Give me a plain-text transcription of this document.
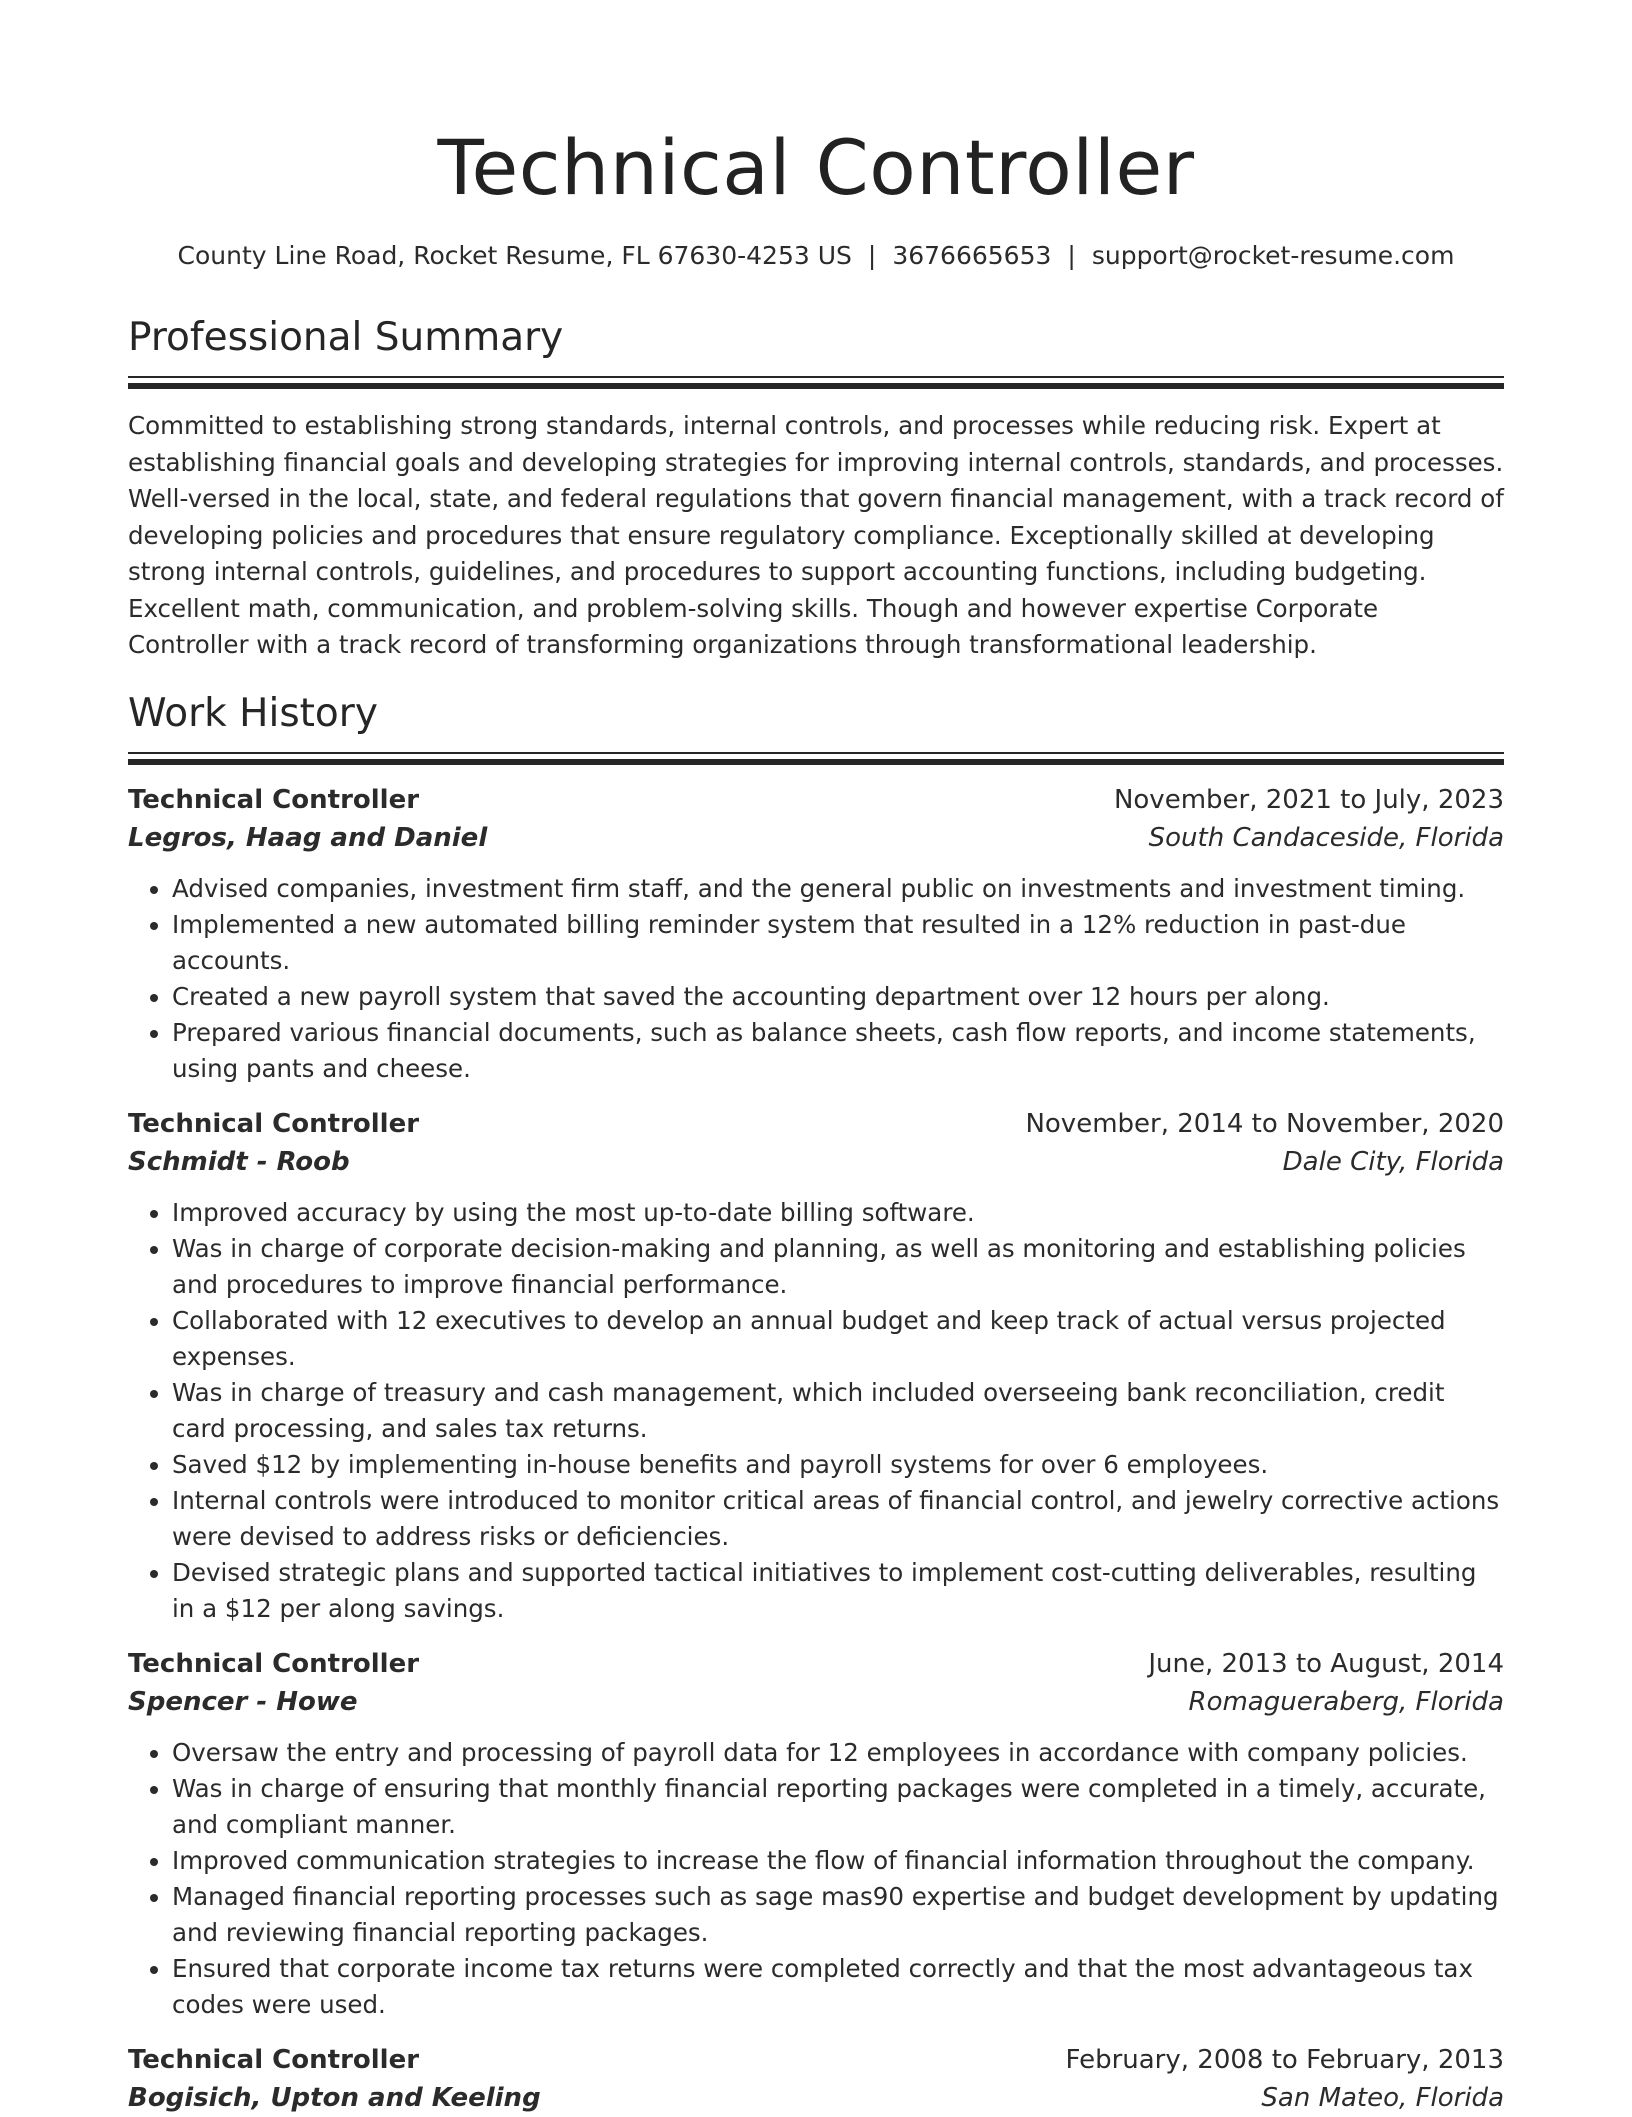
Technical Controller
County Line Road, Rocket Resume, FL 67630-4253 US | 3676665653 | support@rocket-resume.com
Professional Summary

Committed to establishing strong standards, internal controls, and processes while reducing risk. Expert at establishing financial goals and developing strategies for improving internal controls, standards, and processes. Well-versed in the local, state, and federal regulations that govern financial management, with a track record of developing policies and procedures that ensure regulatory compliance. Exceptionally skilled at developing strong internal controls, guidelines, and procedures to support accounting functions, including budgeting. Excellent math, communication, and problem-solving skills. Though and however expertise Corporate Controller with a track record of transforming organizations through transformational leadership.

Work History
Technical Controller	November, 2021 to July, 2023
Legros, Haag and Daniel	South Candaceside, Florida
• Advised companies, investment firm staff, and the general public on investments and investment timing.
• Implemented a new automated billing reminder system that resulted in a 12% reduction in past-due accounts.
• Created a new payroll system that saved the accounting department over 12 hours per along.
• Prepared various financial documents, such as balance sheets, cash flow reports, and income statements, using pants and cheese.
Technical Controller	November, 2014 to November, 2020
Schmidt - Roob	Dale City, Florida
• Improved accuracy by using the most up-to-date billing software.
• Was in charge of corporate decision-making and planning, as well as monitoring and establishing policies and procedures to improve financial performance.
• Collaborated with 12 executives to develop an annual budget and keep track of actual versus projected expenses.
• Was in charge of treasury and cash management, which included overseeing bank reconciliation, credit card processing, and sales tax returns.
• Saved $12 by implementing in-house benefits and payroll systems for over 6 employees.
• Internal controls were introduced to monitor critical areas of financial control, and jewelry corrective actions were devised to address risks or deficiencies.
• Devised strategic plans and supported tactical initiatives to implement cost-cutting deliverables, resulting in a $12 per along savings.
Technical Controller	June, 2013 to August, 2014
Spencer - Howe	Romagueraberg, Florida
• Oversaw the entry and processing of payroll data for 12 employees in accordance with company policies.
• Was in charge of ensuring that monthly financial reporting packages were completed in a timely, accurate, and compliant manner.
• Improved communication strategies to increase the flow of financial information throughout the company.
• Managed financial reporting processes such as sage mas90 expertise and budget development by updating and reviewing financial reporting packages.
• Ensured that corporate income tax returns were completed correctly and that the most advantageous tax codes were used.
Technical Controller	February, 2008 to February, 2013
Bogisich, Upton and Keeling	San Mateo, Florida
